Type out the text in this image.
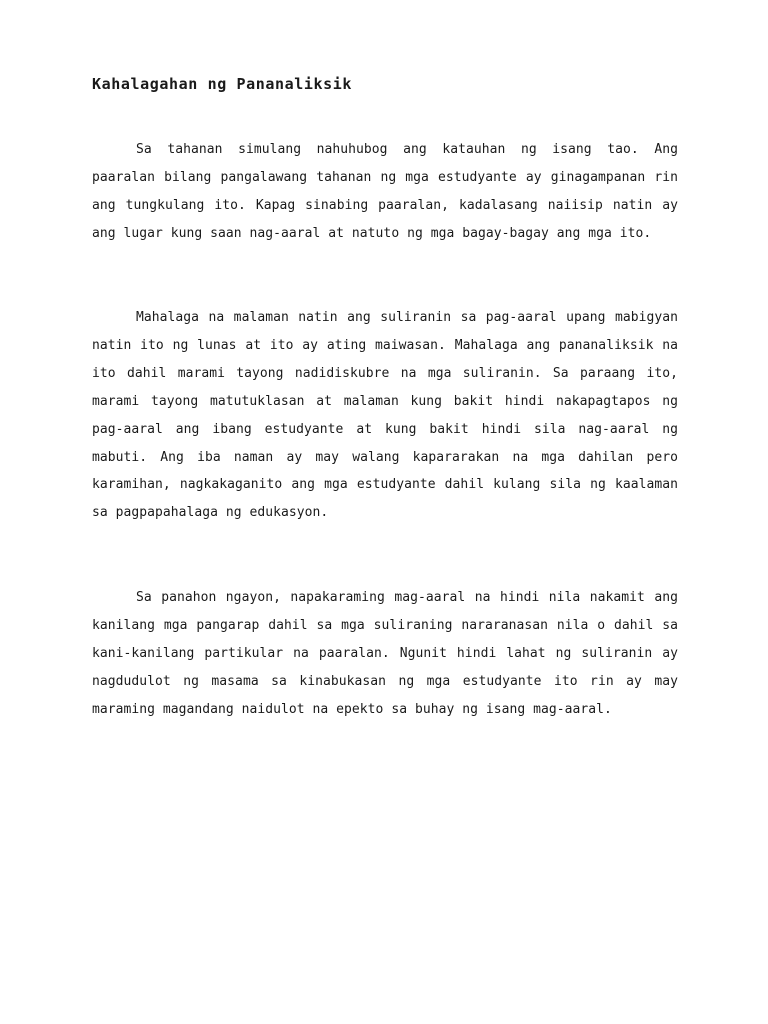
Kahalagahan ng Pananaliksik

Sa tahanan simulang nahuhubog ang katauhan ng isang tao. Ang paaralan bilang pangalawang tahanan ng mga estudyante ay ginagampanan rin ang tungkulang ito. Kapag sinabing paaralan, kadalasang naiisip natin ay ang lugar kung saan nag-aaral at natuto ng mga bagay-bagay ang mga ito.

Mahalaga na malaman natin ang suliranin sa pag-aaral upang mabigyan natin ito ng lunas at ito ay ating maiwasan. Mahalaga ang pananaliksik na ito dahil marami tayong nadidiskubre na mga suliranin. Sa paraang ito, marami tayong matutuklasan at malaman kung bakit hindi nakapagtapos ng pag-aaral ang ibang estudyante at kung bakit hindi sila nag-aaral ng mabuti. Ang iba naman ay may walang kapararakan na mga dahilan pero karamihan, nagkakaganito ang mga estudyante dahil kulang sila ng kaalaman sa pagpapahalaga ng edukasyon.

Sa panahon ngayon, napakaraming mag-aaral na hindi nila nakamit ang kanilang mga pangarap dahil sa mga suliraning nararanasan nila o dahil sa kani-kanilang partikular na paaralan. Ngunit hindi lahat ng suliranin ay nagdudulot ng masama sa kinabukasan ng mga estudyante ito rin ay may maraming magandang naidulot na epekto sa buhay ng isang mag-aaral.
